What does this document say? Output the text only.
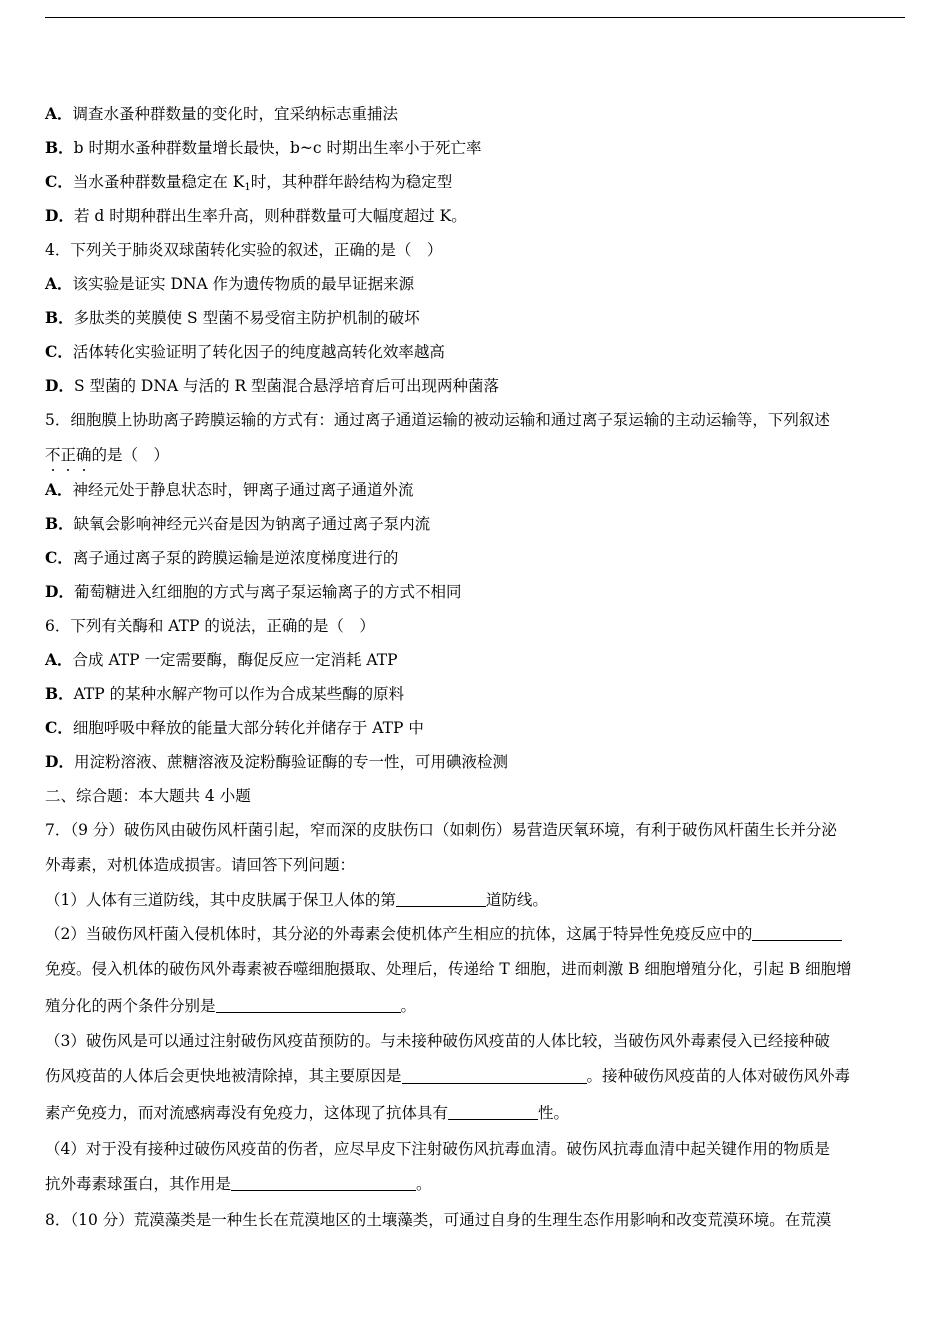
A．调查水蚤种群数量的变化时，宜采纳标志重捕法
B．b 时期水蚤种群数量增长最快，b~c 时期出生率小于死亡率
C．当水蚤种群数量稳定在 $K_1$时，其种群年龄结构为稳定型
D．若 d 时期种群出生率升高，则种群数量可大幅度超过 K。
4．下列关于肺炎双球菌转化实验的叙述，正确的是（　）
A．该实验是证实 DNA 作为遗传物质的最早证据来源
B．多肽类的荚膜使 S 型菌不易受宿主防护机制的破坏
C．活体转化实验证明了转化因子的纯度越高转化效率越高
D．S 型菌的 DNA 与活的 R 型菌混合悬浮培育后可出现两种菌落
5．细胞膜上协助离子跨膜运输的方式有：通过离子通道运输的被动运输和通过离子泵运输的主动运输等，下列叙述
不正确的是（　）
A．神经元处于静息状态时，钾离子通过离子通道外流
B．缺氧会影响神经元兴奋是因为钠离子通过离子泵内流
C．离子通过离子泵的跨膜运输是逆浓度梯度进行的
D．葡萄糖进入红细胞的方式与离子泵运输离子的方式不相同
6．下列有关酶和 ATP 的说法，正确的是（　）
A．合成 ATP 一定需要酶，酶促反应一定消耗 ATP
B．ATP 的某种水解产物可以作为合成某些酶的原料
C．细胞呼吸中释放的能量大部分转化并储存于 ATP 中
D．用淀粉溶液、蔗糖溶液及淀粉酶验证酶的专一性，可用碘液检测
二、综合题：本大题共 4 小题
7．（9 分）破伤风由破伤风杆菌引起，窄而深的皮肤伤口（如刺伤）易营造厌氧环境，有利于破伤风杆菌生长并分泌
外毒素，对机体造成损害。请回答下列问题：
（1）人体有三道防线，其中皮肤属于保卫人体的第	道防线。
（2）当破伤风杆菌入侵机体时，其分泌的外毒素会使机体产生相应的抗体，这属于特异性免疫反应中的
免疫。侵入机体的破伤风外毒素被吞噬细胞摄取、处理后，传递给 T 细胞，进而刺激 B 细胞增殖分化，引起 B 细胞增
殖分化的两个条件分别是	。
（3）破伤风是可以通过注射破伤风疫苗预防的。与未接种破伤风疫苗的人体比较，当破伤风外毒素侵入已经接种破
伤风疫苗的人体后会更快地被清除掉，其主要原因是	。接种破伤风疫苗的人体对破伤风外毒
素产免疫力，而对流感病毒没有免疫力，这体现了抗体具有	性。
（4）对于没有接种过破伤风疫苗的伤者，应尽早皮下注射破伤风抗毒血清。破伤风抗毒血清中起关键作用的物质是
抗外毒素球蛋白，其作用是	。
8．（10 分）荒漠藻类是一种生长在荒漠地区的土壤藻类，可通过自身的生理生态作用影响和改变荒漠环境。在荒漠
